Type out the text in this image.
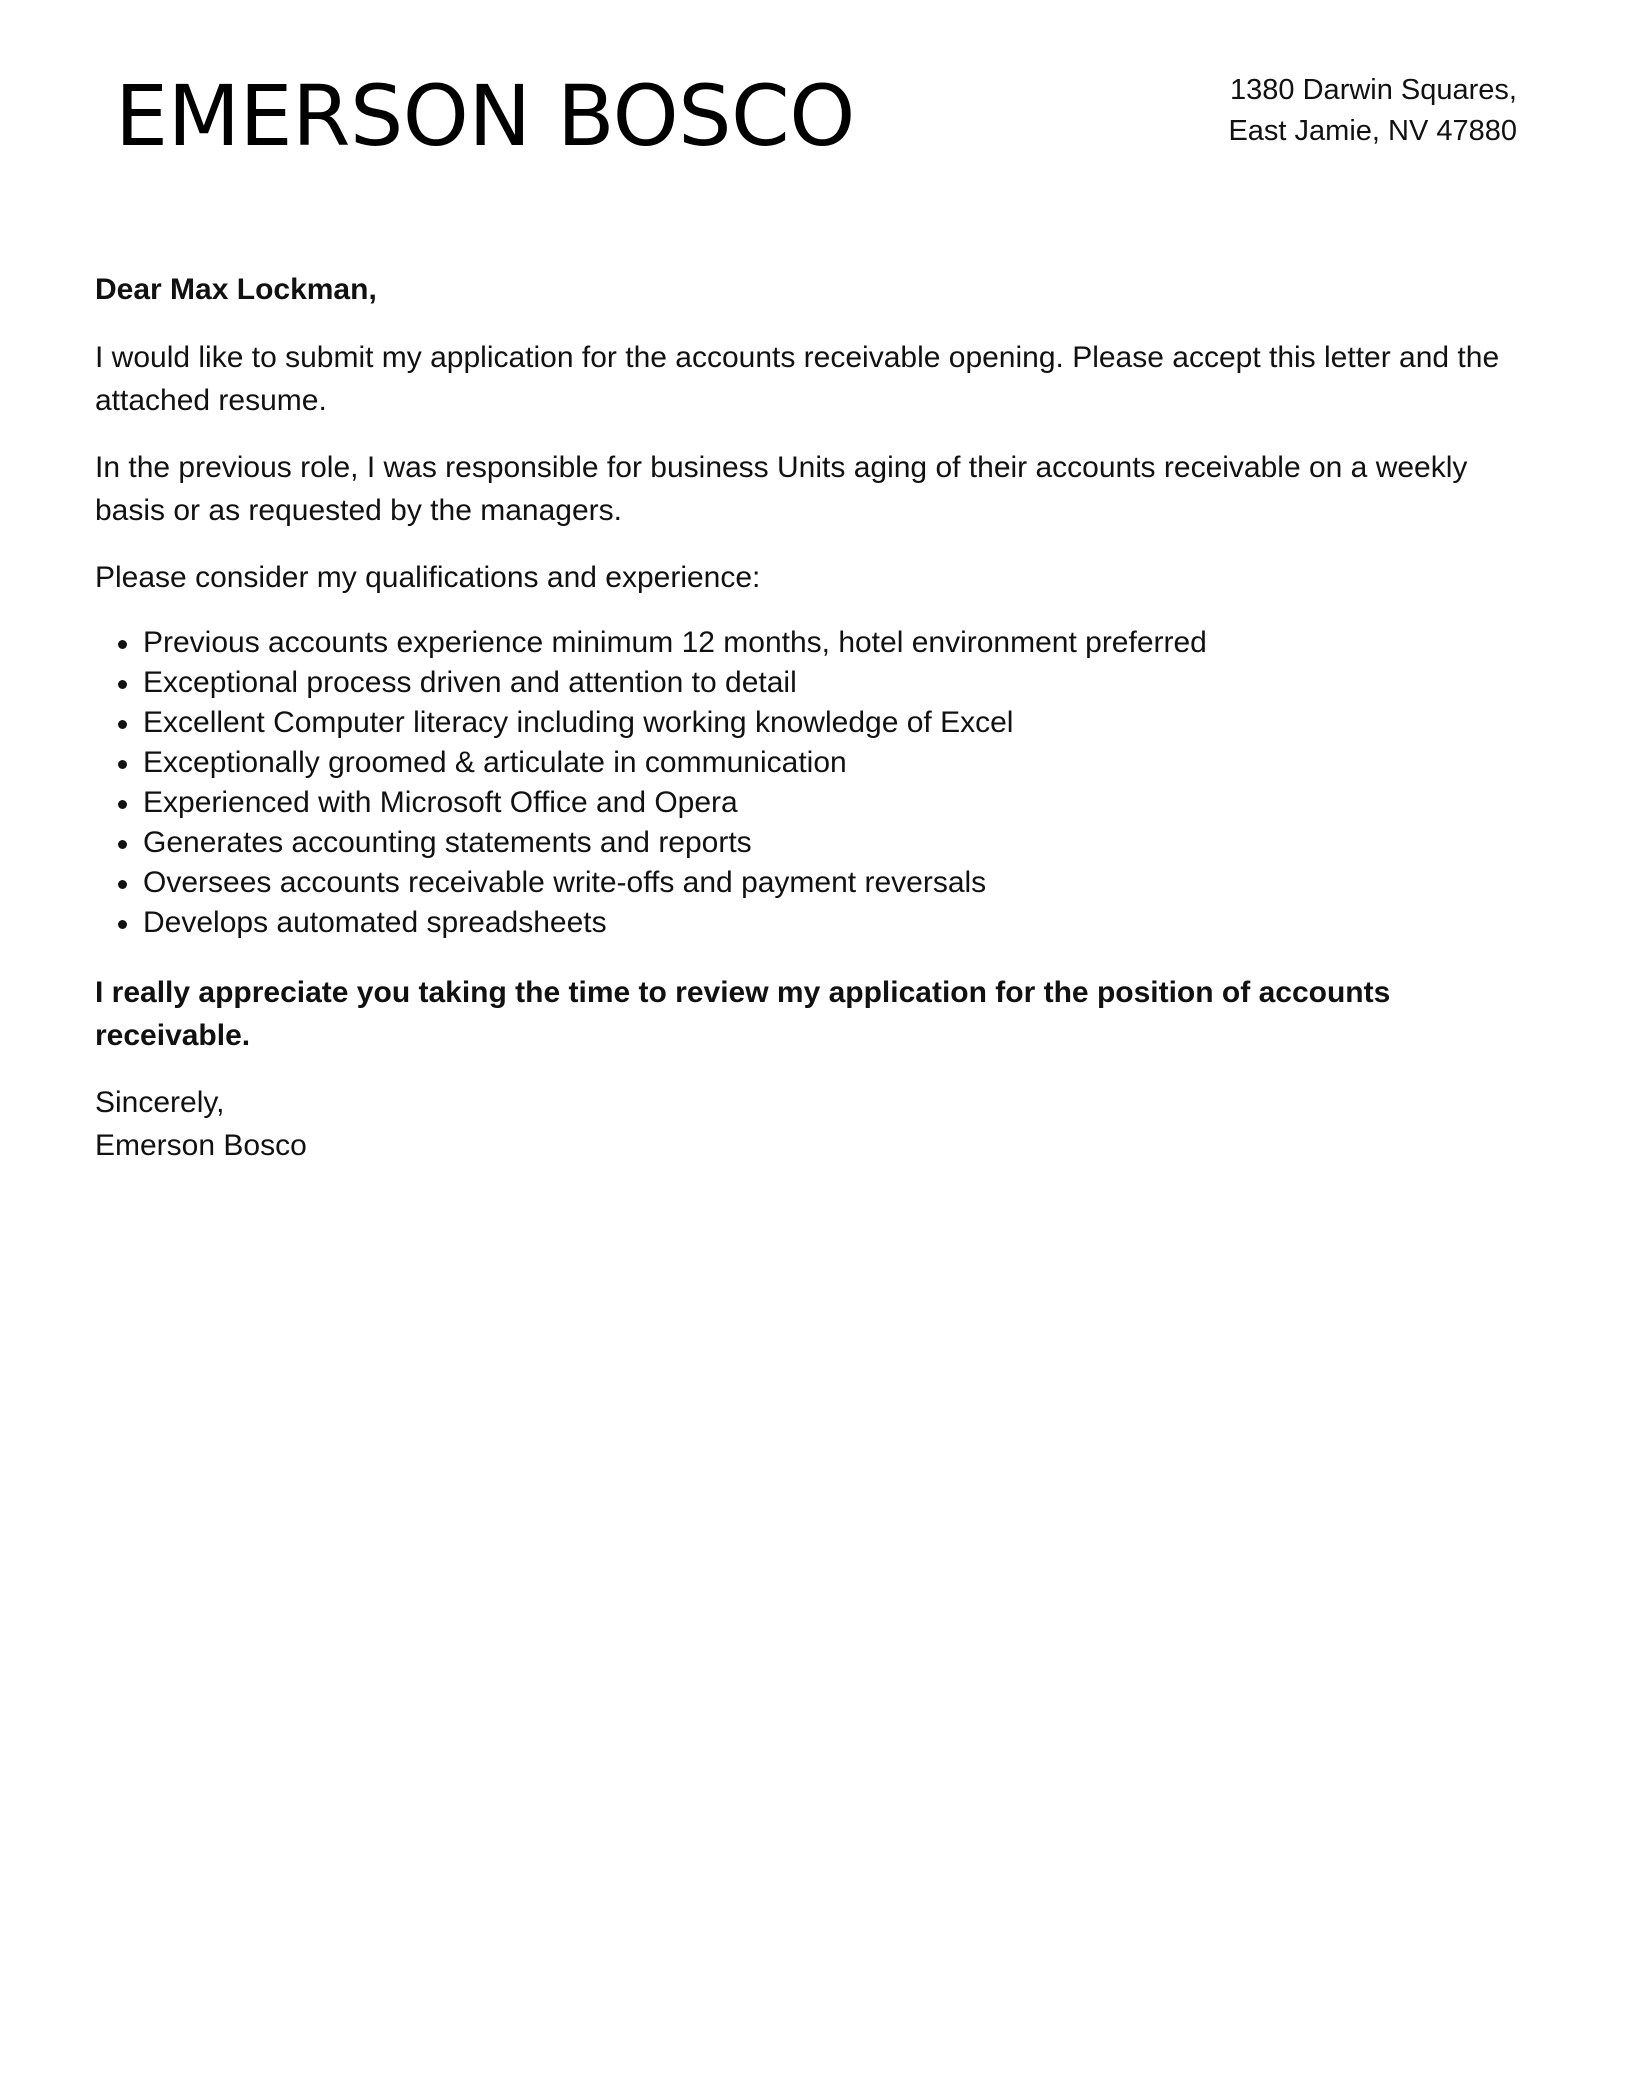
EMERSON BOSCO	1380 Darwin Squares,
East Jamie, NV 47880

Dear Max Lockman,

I would like to submit my application for the accounts receivable opening. Please accept this letter and the attached resume.

In the previous role, I was responsible for business Units aging of their accounts receivable on a weekly basis or as requested by the managers.

Please consider my qualifications and experience:

Previous accounts experience minimum 12 months, hotel environment preferred
Exceptional process driven and attention to detail
Excellent Computer literacy including working knowledge of Excel
Exceptionally groomed & articulate in communication
Experienced with Microsoft Office and Opera
Generates accounting statements and reports
Oversees accounts receivable write-offs and payment reversals
Develops automated spreadsheets

I really appreciate you taking the time to review my application for the position of accounts receivable.

Sincerely,
Emerson Bosco
